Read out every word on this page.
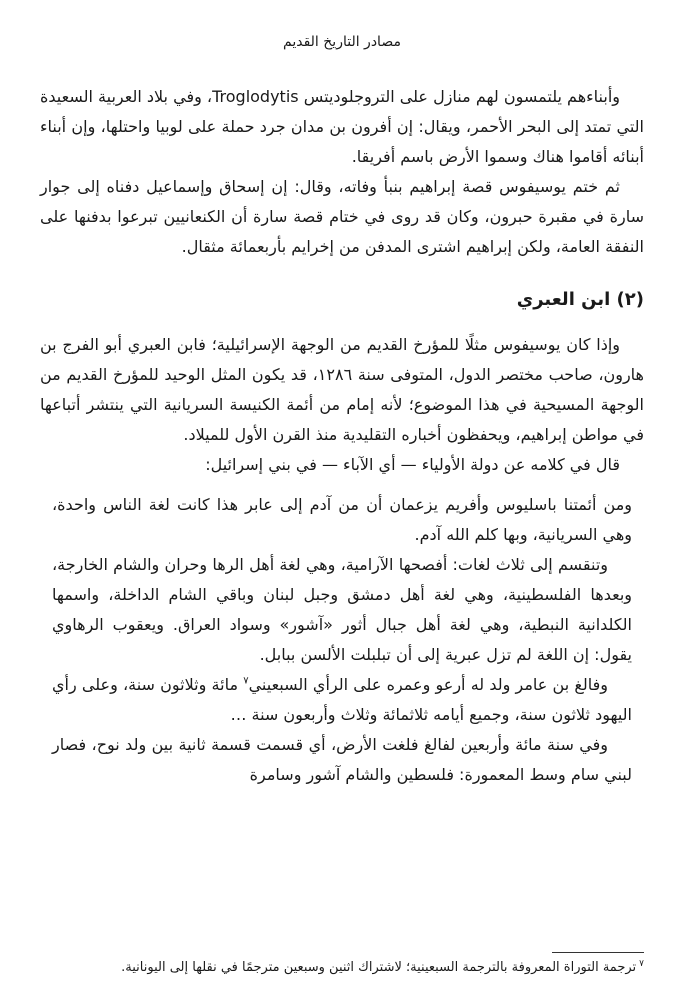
مصادر التاريخ القديم

وأبناءهم يلتمسون لهم منازل على التروجلوديتس Troglodytis، وفي بلاد العربية السعيدة التي تمتد إلى البحر الأحمر، ويقال: إن أفرون بن مدان جرد حملة على لوبيا واحتلها، وإن أبناء أبنائه أقاموا هناك وسموا الأرض باسم أفريقا.

ثم ختم يوسيفوس قصة إبراهيم بنبأ وفاته، وقال: إن إسحاق وإسماعيل دفناه إلى جوار سارة في مقبرة حبرون، وكان قد روى في ختام قصة سارة أن الكنعانيين تبرعوا بدفنها على النفقة العامة، ولكن إبراهيم اشترى المدفن من إخرايم بأربعمائة مثقال.

(٢) ابن العبري

وإذا كان يوسيفوس مثلًا للمؤرخ القديم من الوجهة الإسرائيلية؛ فابن العبري أبو الفرج بن هارون، صاحب مختصر الدول، المتوفى سنة ١٢٨٦، قد يكون المثل الوحيد للمؤرخ القديم من الوجهة المسيحية في هذا الموضوع؛ لأنه إمام من أئمة الكنيسة السريانية التي ينتشر أتباعها في مواطن إبراهيم، ويحفظون أخباره التقليدية منذ القرن الأول للميلاد.

قال في كلامه عن دولة الأولياء — أي الآباء — في بني إسرائيل:

ومن أئمتنا باسليوس وأفريم يزعمان أن من آدم إلى عابر هذا كانت لغة الناس واحدة، وهي السريانية، وبها كلم الله آدم.

وتنقسم إلى ثلاث لغات: أفصحها الآرامية، وهي لغة أهل الرها وحران والشام الخارجة، وبعدها الفلسطينية، وهي لغة أهل دمشق وجبل لبنان وباقي الشام الداخلة، واسمها الكلدانية النبطية، وهي لغة أهل جبال أثور «آشور» وسواد العراق. ويعقوب الرهاوي يقول: إن اللغة لم تزل عبرية إلى أن تبلبلت الألسن ببابل.

وفالغ بن عامر ولد له أرعو وعمره على الرأي السبعيني$^٧$ مائة وثلاثون سنة، وعلى رأي اليهود ثلاثون سنة، وجميع أيامه ثلاثمائة وثلاث وأربعون سنة …

وفي سنة مائة وأربعين لفالغ فلغت الأرض، أي قسمت قسمة ثانية بين ولد نوح، فصار لبني سام وسط المعمورة: فلسطين والشام آشور وسامرة

$^٧$ترجمة التوراة المعروفة بالترجمة السبعينية؛ لاشتراك اثنين وسبعين مترجمًا في نقلها إلى اليونانية.
